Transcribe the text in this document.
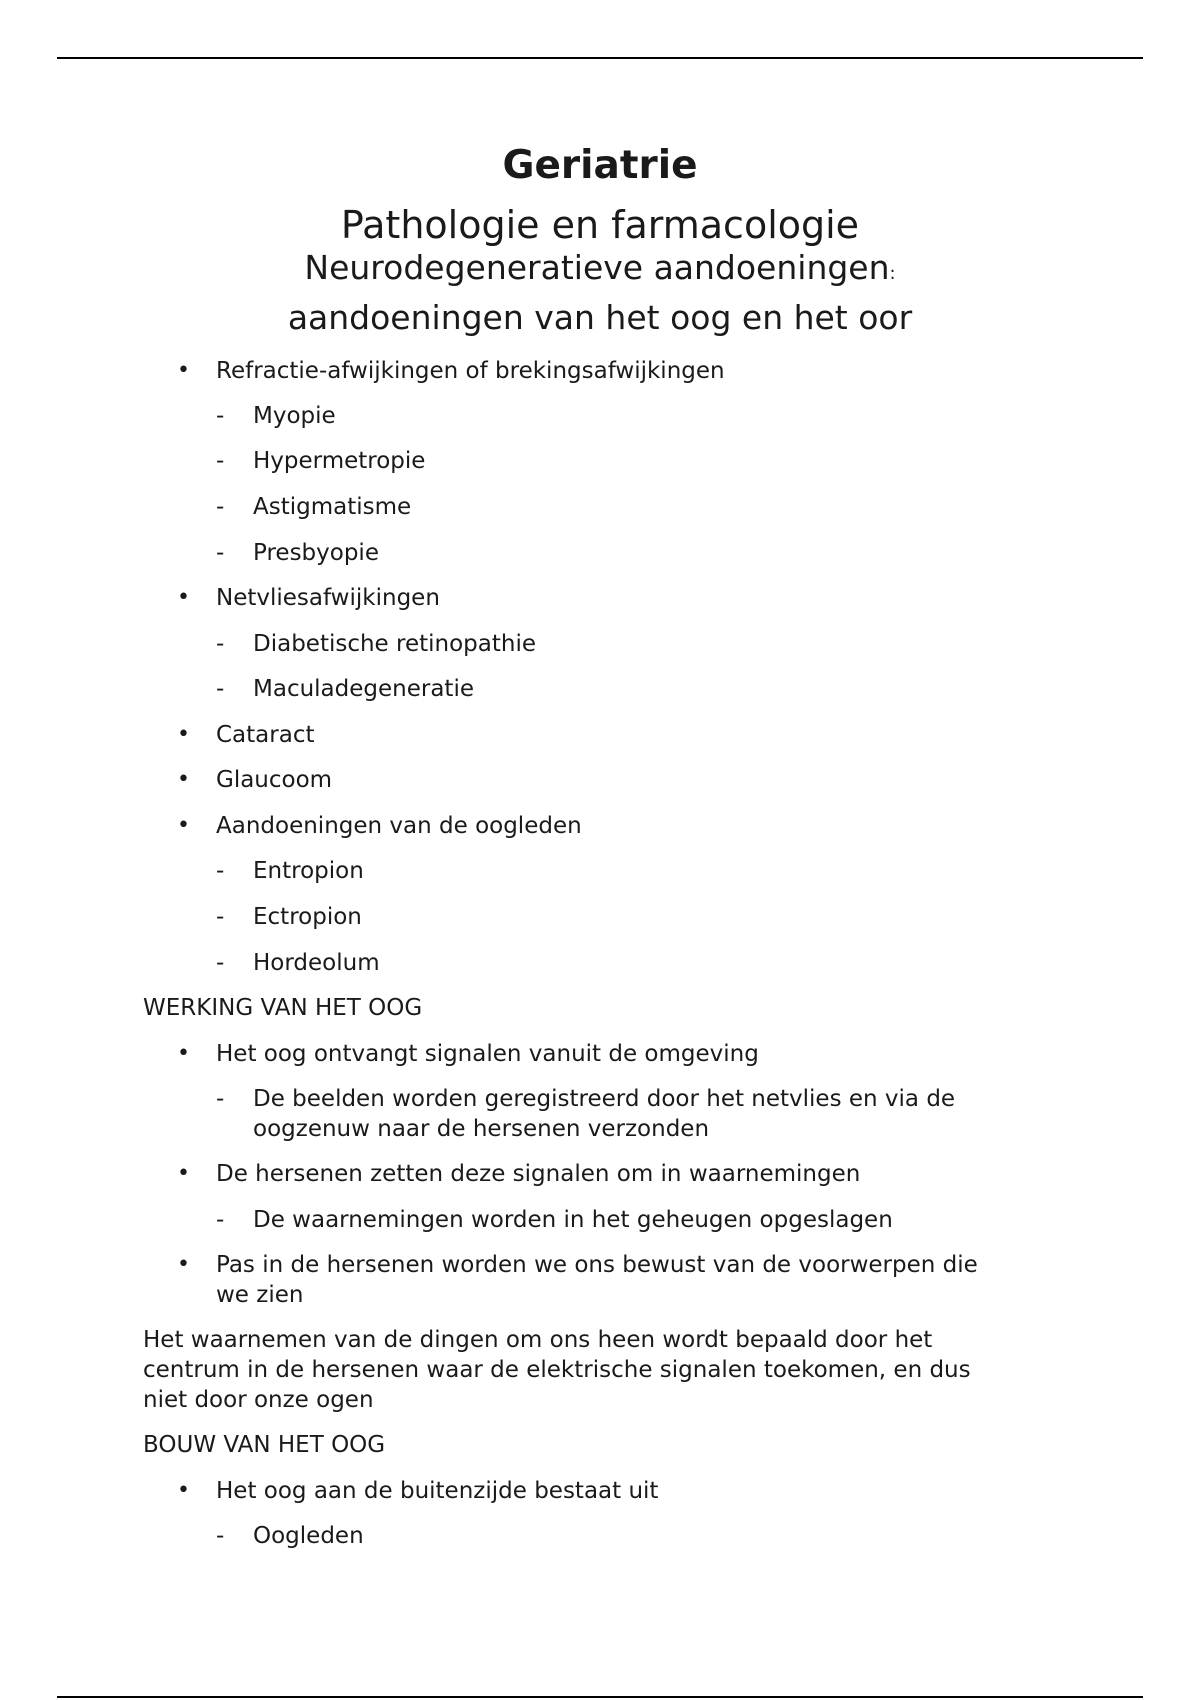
Geriatrie
Pathologie en farmacologie
Neurodegeneratieve aandoeningen:
aandoeningen van het oog en het oor
• Refractie-afwijkingen of brekingsafwijkingen
- Myopie
- Hypermetropie
- Astigmatisme
- Presbyopie
• Netvliesafwijkingen
- Diabetische retinopathie
- Maculadegeneratie
• Cataract
• Glaucoom
• Aandoeningen van de oogleden
- Entropion
- Ectropion
- Hordeolum
WERKING VAN HET OOG
• Het oog ontvangt signalen vanuit de omgeving
- De beelden worden geregistreerd door het netvlies en via de
oogzenuw naar de hersenen verzonden
• De hersenen zetten deze signalen om in waarnemingen
- De waarnemingen worden in het geheugen opgeslagen
• Pas in de hersenen worden we ons bewust van de voorwerpen die
we zien
Het waarnemen van de dingen om ons heen wordt bepaald door het
centrum in de hersenen waar de elektrische signalen toekomen, en dus
niet door onze ogen
BOUW VAN HET OOG
• Het oog aan de buitenzijde bestaat uit
- Oogleden
